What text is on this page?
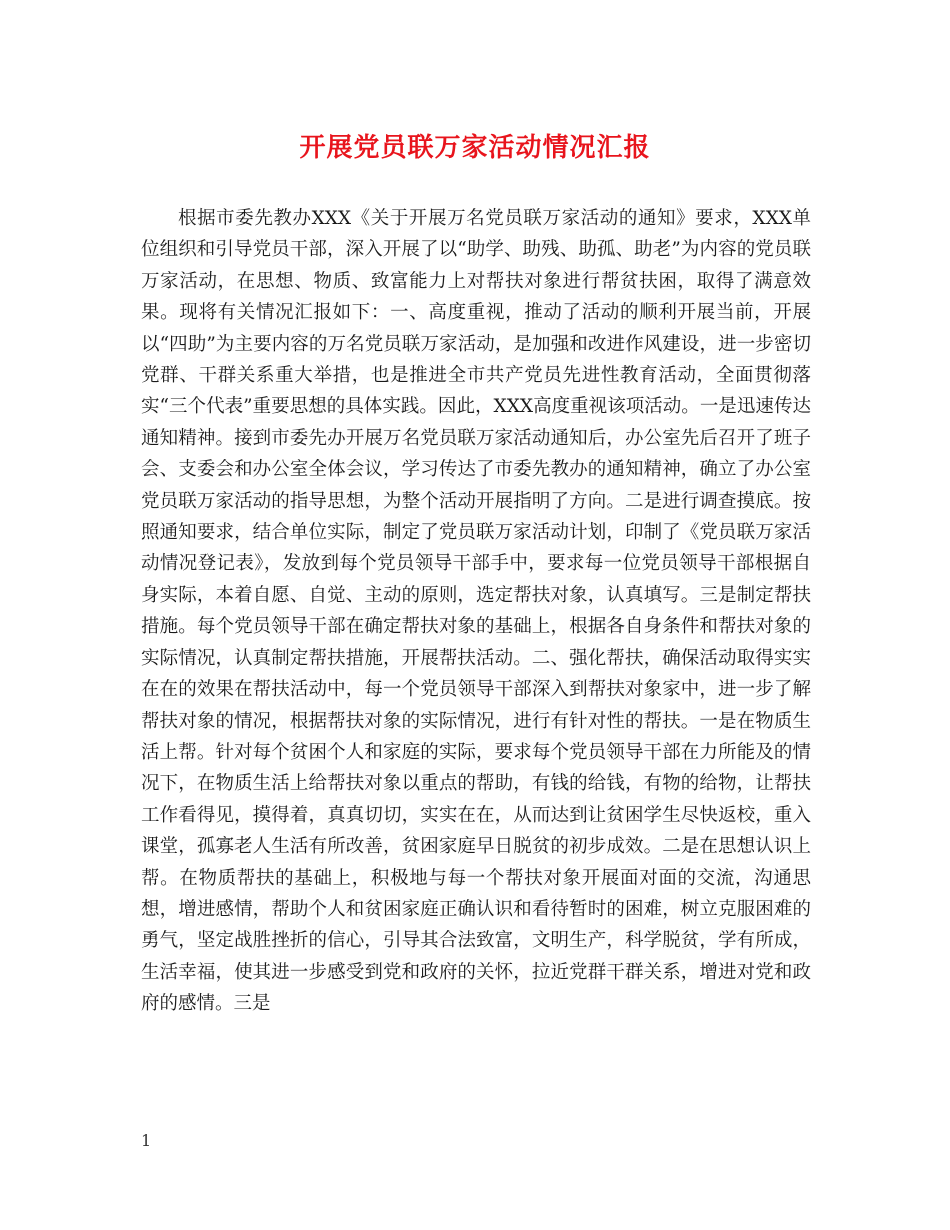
开展党员联万家活动情况汇报

根据市委先教办XXX《关于开展万名党员联万家活动的通知》要求，XXX单位组织和引导党员干部，深入开展了以“助学、助残、助孤、助老”为内容的党员联万家活动，在思想、物质、致富能力上对帮扶对象进行帮贫扶困，取得了满意效果。现将有关情况汇报如下：一、高度重视，推动了活动的顺利开展当前，开展以“四助”为主要内容的万名党员联万家活动，是加强和改进作风建设，进一步密切党群、干群关系重大举措，也是推进全市共产党员先进性教育活动，全面贯彻落实“三个代表”重要思想的具体实践。因此，XXX高度重视该项活动。一是迅速传达通知精神。接到市委先办开展万名党员联万家活动通知后，办公室先后召开了班子会、支委会和办公室全体会议，学习传达了市委先教办的通知精神，确立了办公室党员联万家活动的指导思想，为整个活动开展指明了方向。二是进行调查摸底。按照通知要求，结合单位实际，制定了党员联万家活动计划，印制了《党员联万家活动情况登记表》，发放到每个党员领导干部手中，要求每一位党员领导干部根据自身实际，本着自愿、自觉、主动的原则，选定帮扶对象，认真填写。三是制定帮扶措施。每个党员领导干部在确定帮扶对象的基础上，根据各自身条件和帮扶对象的实际情况，认真制定帮扶措施，开展帮扶活动。二、强化帮扶，确保活动取得实实在在的效果在帮扶活动中，每一个党员领导干部深入到帮扶对象家中，进一步了解帮扶对象的情况，根据帮扶对象的实际情况，进行有针对性的帮扶。一是在物质生活上帮。针对每个贫困个人和家庭的实际，要求每个党员领导干部在力所能及的情况下，在物质生活上给帮扶对象以重点的帮助，有钱的给钱，有物的给物，让帮扶工作看得见，摸得着，真真切切，实实在在，从而达到让贫困学生尽快返校，重入课堂，孤寡老人生活有所改善，贫困家庭早日脱贫的初步成效。二是在思想认识上帮。在物质帮扶的基础上，积极地与每一个帮扶对象开展面对面的交流，沟通思想，增进感情，帮助个人和贫困家庭正确认识和看待暂时的困难，树立克服困难的勇气，坚定战胜挫折的信心，引导其合法致富，文明生产，科学脱贫，学有所成，生活幸福，使其进一步感受到党和政府的关怀，拉近党群干群关系，增进对党和政府的感情。三是

1
